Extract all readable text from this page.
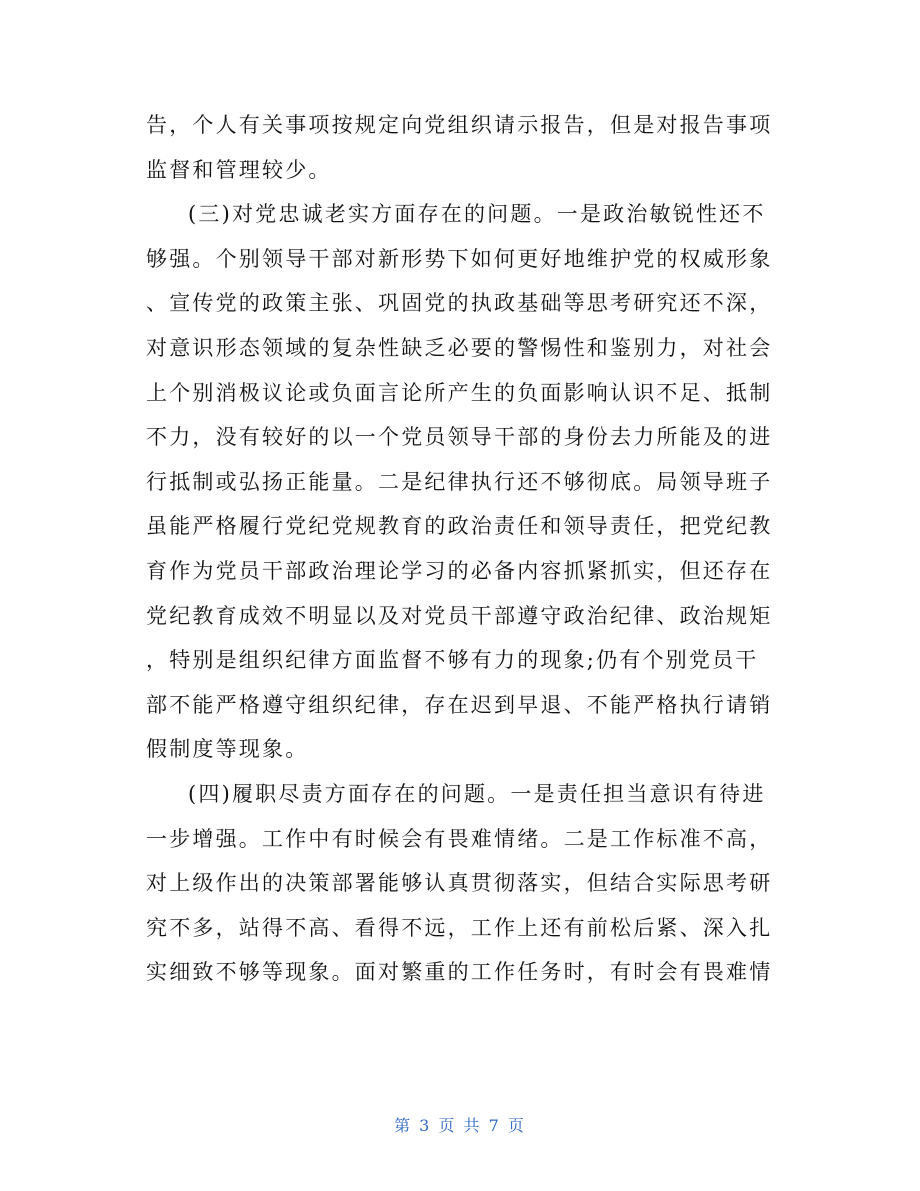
告，个人有关事项按规定向党组织请示报告，但是对报告事项
监督和管理较少。
(三)对党忠诚老实方面存在的问题。一是政治敏锐性还不
够强。个别领导干部对新形势下如何更好地维护党的权威形象
、宣传党的政策主张、巩固党的执政基础等思考研究还不深，
对意识形态领域的复杂性缺乏必要的警惕性和鉴别力，对社会
上个别消极议论或负面言论所产生的负面影响认识不足、抵制
不力，没有较好的以一个党员领导干部的身份去力所能及的进
行抵制或弘扬正能量。二是纪律执行还不够彻底。局领导班子
虽能严格履行党纪党规教育的政治责任和领导责任，把党纪教
育作为党员干部政治理论学习的必备内容抓紧抓实，但还存在
党纪教育成效不明显以及对党员干部遵守政治纪律、政治规矩
，特别是组织纪律方面监督不够有力的现象;仍有个别党员干
部不能严格遵守组织纪律，存在迟到早退、不能严格执行请销
假制度等现象。
(四)履职尽责方面存在的问题。一是责任担当意识有待进
一步增强。工作中有时候会有畏难情绪。二是工作标准不高，
对上级作出的决策部署能够认真贯彻落实，但结合实际思考研
究不多，站得不高、看得不远，工作上还有前松后紧、深入扎
实细致不够等现象。面对繁重的工作任务时，有时会有畏难情
第 3 页 共 7 页
